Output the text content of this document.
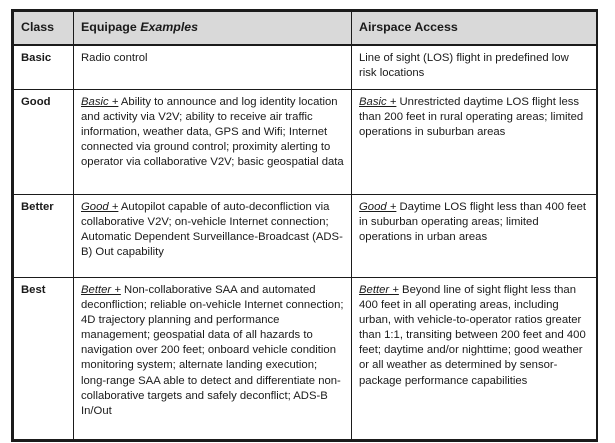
Class	Equipage Examples	Airspace Access
Basic	Radio control	Line of sight (LOS) flight in predefined low risk locations

Good	Basic + Ability to announce and log identity location and activity via V2V; ability to receive air traffic information, weather data, GPS and Wifi; Internet connected via ground control; proximity alerting to operator via collaborative V2V; basic geospatial data	Basic + Unrestricted daytime LOS flight less than 200 feet in rural operating areas; limited operations in suburban areas
Better	Good + Autopilot capable of auto-deconfliction via collaborative V2V; on-vehicle Internet connection; Automatic Dependent Surveillance-Broadcast (ADS-B) Out capability	Good + Daytime LOS flight less than 400 feet in suburban operating areas; limited operations in urban areas
Best	Better + Non-collaborative SAA and automated deconfliction; reliable on-vehicle Internet connection; 4D trajectory planning and performance management; geospatial data of all hazards to navigation over 200 feet; onboard vehicle condition monitoring system; alternate landing execution; long-range SAA able to detect and differentiate non-collaborative targets and safely deconflict; ADS-B In/Out	Better + Beyond line of sight flight less than 400 feet in all operating areas, including urban, with vehicle-to-operator ratios greater than 1:1, transiting between 200 feet and 400 feet; daytime and/or nighttime; good weather or all weather as determined by sensor-package performance capabilities
